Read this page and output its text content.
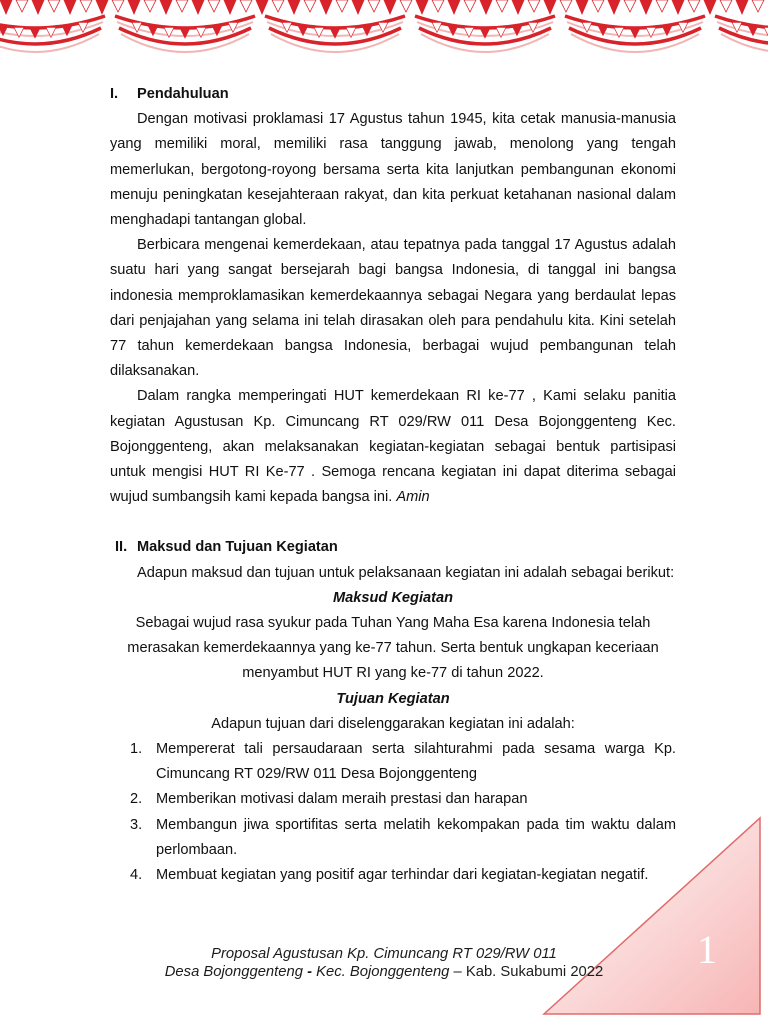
I.	Pendahuluan

Dengan motivasi proklamasi 17 Agustus tahun 1945, kita cetak manusia-manusia yang memiliki moral, memiliki rasa tanggung jawab, menolong yang tengah memerlukan, bergotong-royong bersama serta kita lanjutkan pembangunan ekonomi menuju peningkatan kesejahteraan rakyat, dan kita perkuat ketahanan nasional dalam menghadapi tantangan global.

Berbicara mengenai kemerdekaan, atau tepatnya pada tanggal 17 Agustus adalah suatu hari yang sangat bersejarah bagi bangsa Indonesia, di tanggal ini bangsa indonesia memproklamasikan kemerdekaannya sebagai Negara yang berdaulat lepas dari penjajahan yang selama ini telah dirasakan oleh para pendahulu kita. Kini setelah 77 tahun kemerdekaan bangsa Indonesia, berbagai wujud pembangunan telah dilaksanakan.

Dalam rangka memperingati HUT kemerdekaan RI ke-77 , Kami selaku panitia kegiatan Agustusan Kp. Cimuncang RT 029/RW 011 Desa Bojonggenteng Kec. Bojonggenteng, akan melaksanakan kegiatan-kegiatan sebagai bentuk partisipasi untuk mengisi HUT RI Ke-77 . Semoga rencana kegiatan ini dapat diterima sebagai wujud sumbangsih kami kepada bangsa ini. Amin

II. Maksud dan Tujuan Kegiatan

Adapun maksud dan tujuan untuk pelaksanaan kegiatan ini adalah sebagai berikut:

Maksud Kegiatan

Sebagai wujud rasa syukur pada Tuhan Yang Maha Esa karena Indonesia telah merasakan kemerdekaannya yang ke-77 tahun. Serta bentuk ungkapan keceriaan menyambut HUT RI yang ke-77 di tahun 2022.

Tujuan Kegiatan

Adapun tujuan dari diselenggarakan kegiatan ini adalah:

1. Mempererat tali persaudaraan serta silahturahmi pada sesama warga Kp. Cimuncang RT 029/RW 011 Desa Bojonggenteng
2. Memberikan motivasi dalam meraih prestasi dan harapan
3. Membangun jiwa sportifitas serta melatih kekompakan pada tim waktu dalam perlombaan.
4. Membuat kegiatan yang positif agar terhindar dari kegiatan-kegiatan negatif.
1
Proposal Agustusan Kp. Cimuncang RT 029/RW 011
Desa Bojonggenteng - Kec. Bojonggenteng – Kab. Sukabumi 2022
